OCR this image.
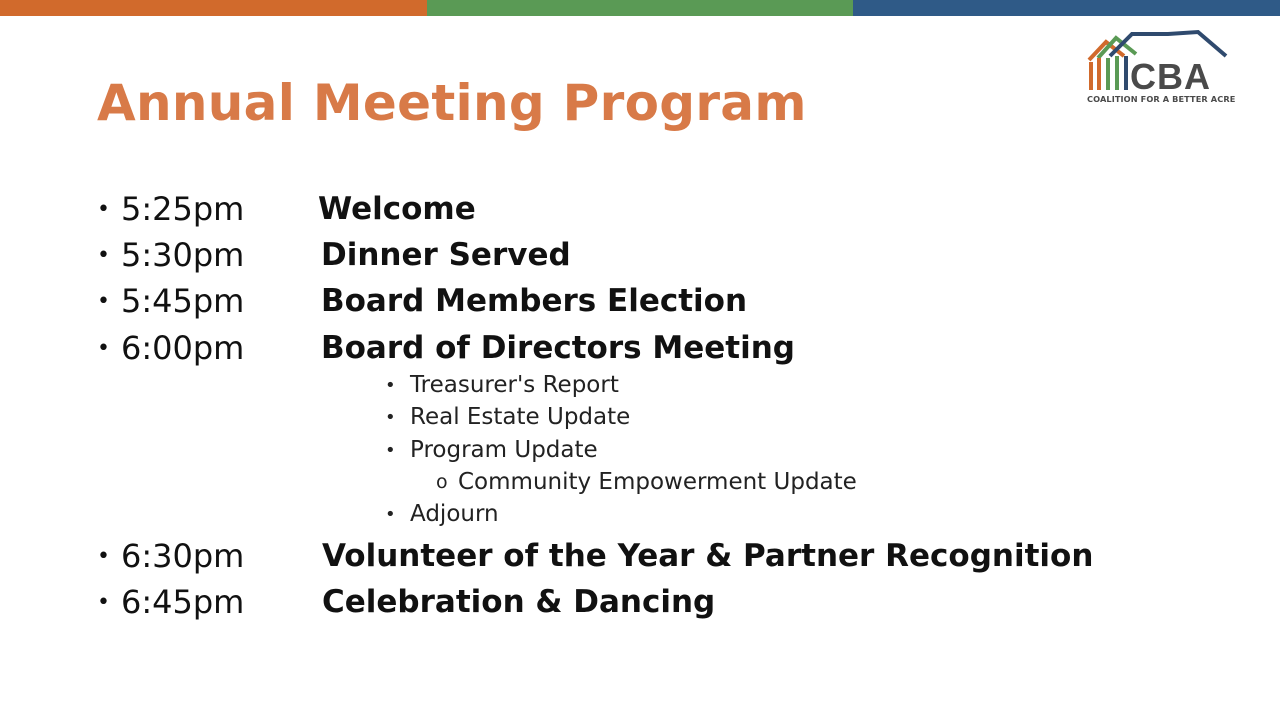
Annual Meeting Program	CBA
COALITION FOR A BETTER ACRE
• 5:25pm Welcome
• 5:30pm Dinner Served
• 5:45pm Board Members Election
• 6:00pm Board of Directors Meeting
• Treasurer's Report
• Real Estate Update
• Program Update
o Community Empowerment Update
• Adjourn
• 6:30pm	Volunteer of the Year & Partner Recognition
• 6:45pm	Celebration & Dancing
